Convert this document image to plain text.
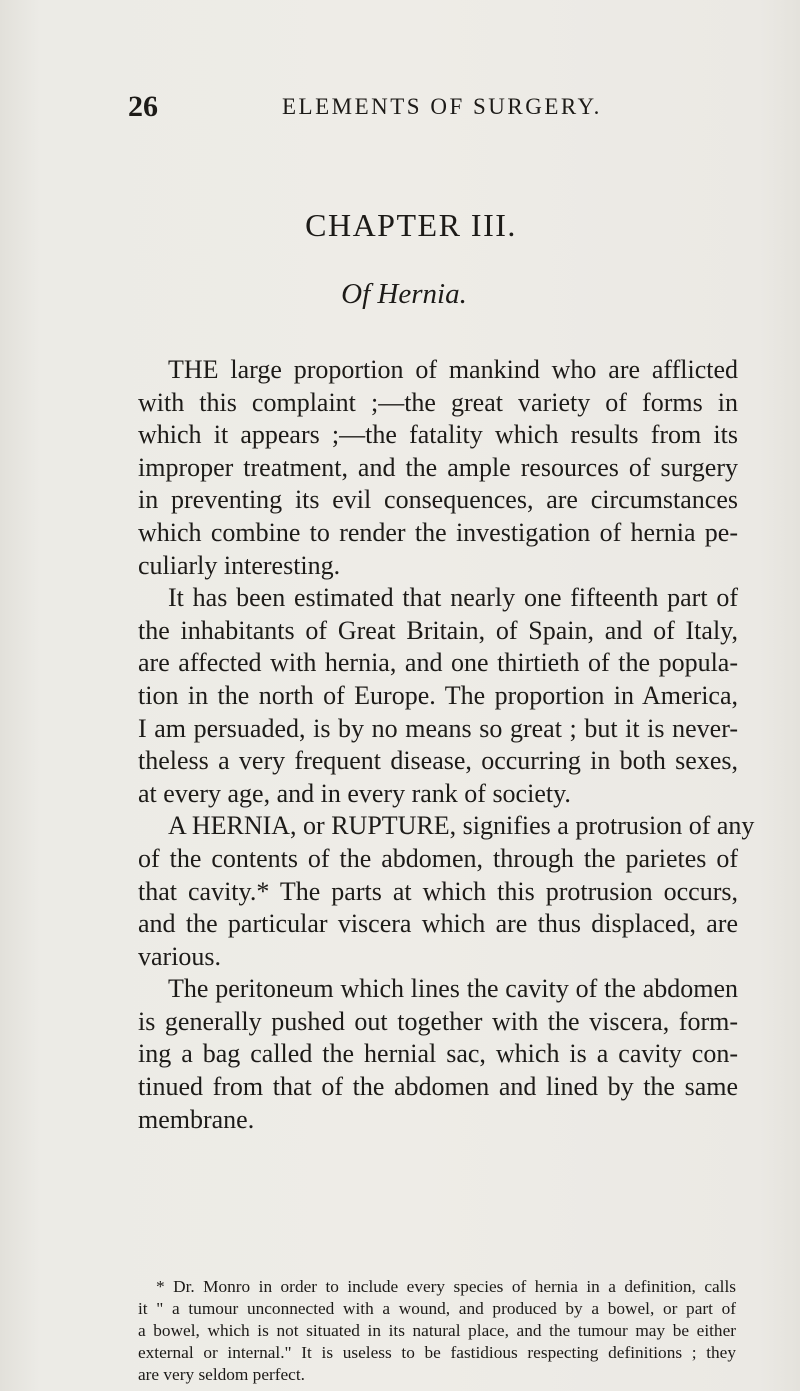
26	ELEMENTS OF SURGERY.
CHAPTER III.
Of Hernia.
THE large proportion of mankind who are afflicted
with this complaint ;—the great variety of forms in
which it appears ;—the fatality which results from its
improper treatment, and the ample resources of surgery
in preventing its evil consequences, are circumstances
which combine to render the investigation of hernia pe-
culiarly interesting.
It has been estimated that nearly one fifteenth part of
the inhabitants of Great Britain, of Spain, and of Italy,
are affected with hernia, and one thirtieth of the popula-
tion in the north of Europe. The proportion in America,
I am persuaded, is by no means so great ; but it is never-
theless a very frequent disease, occurring in both sexes,
at every age, and in every rank of society.
A HERNIA, or RUPTURE, signifies a protrusion of any
of the contents of the abdomen, through the parietes of
that cavity.* The parts at which this protrusion occurs,
and the particular viscera which are thus displaced, are
various.
The peritoneum which lines the cavity of the abdomen
is generally pushed out together with the viscera, form-
ing a bag called the hernial sac, which is a cavity con-
tinued from that of the abdomen and lined by the same
membrane.
* Dr. Monro in order to include every species of hernia in a definition, calls
it " a tumour unconnected with a wound, and produced by a bowel, or part of
a bowel, which is not situated in its natural place, and the tumour may be either
external or internal." It is useless to be fastidious respecting definitions ; they
are very seldom perfect.
